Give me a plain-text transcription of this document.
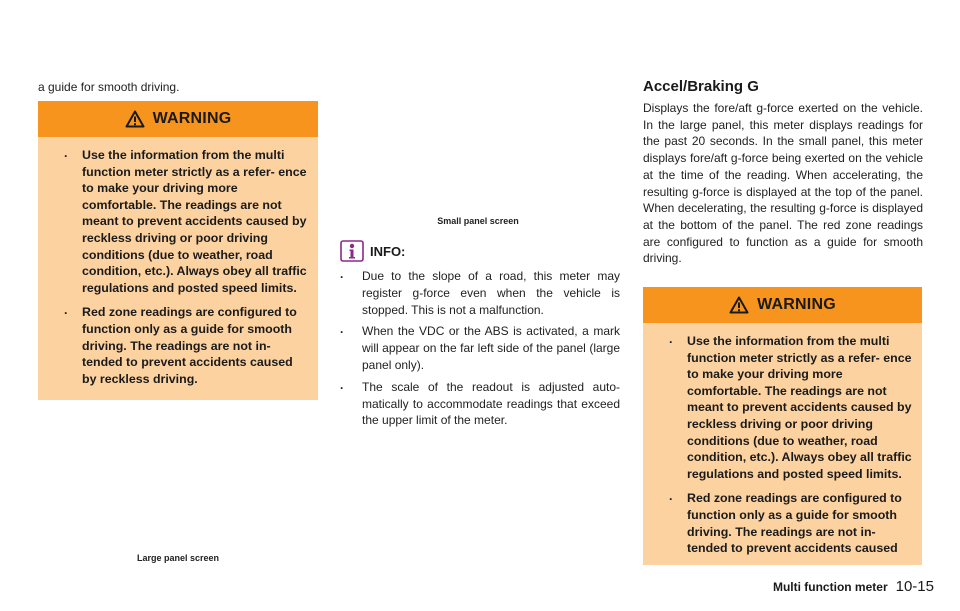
a guide for smooth driving.
WARNING
. Use the information from the multi function meter strictly as a refer- ence to make your driving more comfortable. The readings are not meant to prevent accidents caused by reckless driving or poor driving conditions (due to weather, road condition, etc.). Always obey all traffic regulations and posted speed limits.
. Red zone readings are configured to function only as a guide for smooth driving. The readings are not in- tended to prevent accidents caused by reckless driving.
Large panel screen
Small panel screen
INFO:
. Due to the slope of a road, this meter may register g-force even when the vehicle is stopped. This is not a malfunction.
. When the VDC or the ABS is activated, a mark will appear on the far left side of the panel (large panel only).
. The scale of the readout is adjusted auto- matically to accommodate readings that exceed the upper limit of the meter.
Accel/Braking G

Displays the fore/aft g-force exerted on the vehicle. In the large panel, this meter displays readings for the past 20 seconds. In the small panel, this meter displays fore/aft g-force being exerted on the vehicle at the time of the reading. When accelerating, the resulting g-force is displayed at the top of the panel. When decelerating, the resulting g-force is displayed at the bottom of the panel. The red zone readings are configured to function as a guide for smooth driving.

WARNING
. Use the information from the multi function meter strictly as a refer- ence to make your driving more comfortable. The readings are not meant to prevent accidents caused by reckless driving or poor driving conditions (due to weather, road condition, etc.). Always obey all traffic regulations and posted speed limits.
. Red zone readings are configured to function only as a guide for smooth driving. The readings are not in- tended to prevent accidents caused
Multi function meter 10-15
